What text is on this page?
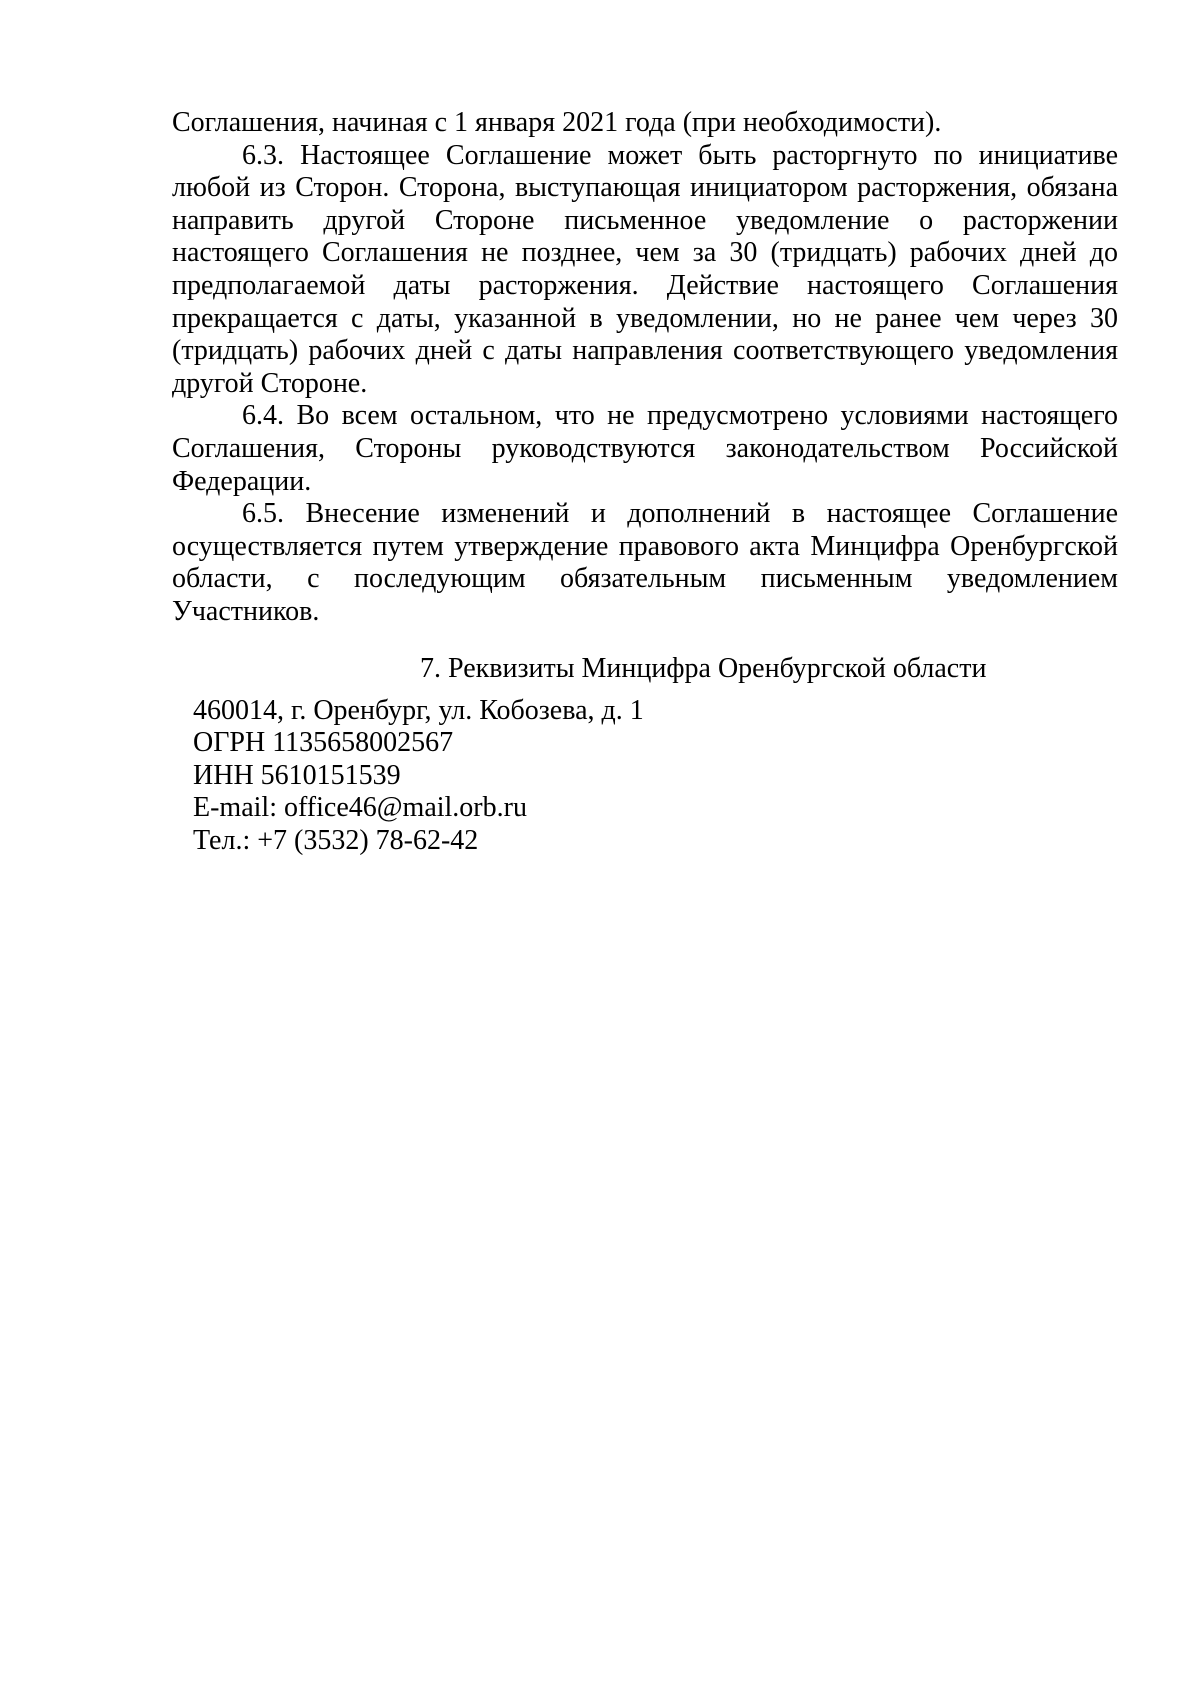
Соглашения, начиная с 1 января 2021 года (при необходимости).

6.3. Настоящее Соглашение может быть расторгнуто по инициативе любой из Сторон. Сторона, выступающая инициатором расторжения, обязана направить другой Стороне письменное уведомление о расторжении настоящего Соглашения не позднее, чем за 30 (тридцать) рабочих дней до предполагаемой даты расторжения. Действие настоящего Соглашения прекращается с даты, указанной в уведомлении, но не ранее чем через 30 (тридцать) рабочих дней с даты направления соответствующего уведомления другой Стороне.

6.4. Во всем остальном, что не предусмотрено условиями настоящего Соглашения, Стороны руководствуются законодательством Российской Федерации.

6.5. Внесение изменений и дополнений в настоящее Соглашение осуществляется путем утверждение правового акта Минцифра Оренбургской области, с последующим обязательным письменным уведомлением Участников.

7. Реквизиты Минцифра Оренбургской области
460014, г. Оренбург, ул. Кобозева, д. 1
ОГРН 1135658002567
ИНН 5610151539
E-mail: office46@mail.orb.ru
Тел.: +7 (3532) 78-62-42
